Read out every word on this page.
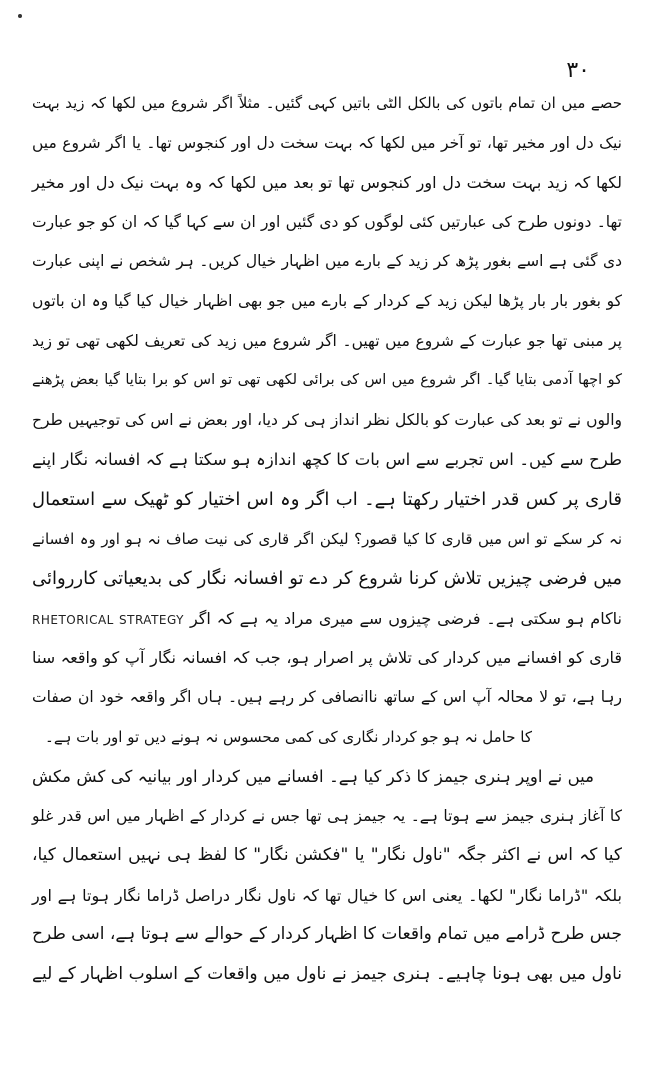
۳۰
حصے میں ان تمام باتوں کی بالکل الٹی باتیں کہی گئیں۔ مثلاً اگر شروع میں لکھا کہ زید بہت
نیک دل اور مخیر تھا، تو آخر میں لکھا کہ بہت سخت دل اور کنجوس تھا۔ یا اگر شروع میں
لکھا کہ زید بہت سخت دل اور کنجوس تھا تو بعد میں لکھا کہ وہ بہت نیک دل اور مخیر
تھا۔ دونوں طرح کی عبارتیں کئی لوگوں کو دی گئیں اور ان سے کہا گیا کہ ان کو جو عبارت
دی گئی ہے اسے بغور پڑھ کر زید کے بارے میں اظہار خیال کریں۔ ہر شخص نے اپنی عبارت
کو بغور بار بار پڑھا لیکن زید کے کردار کے بارے میں جو بھی اظہار خیال کیا گیا وہ ان باتوں
پر مبنی تھا جو عبارت کے شروع میں تھیں۔ اگر شروع میں زید کی تعریف لکھی تھی تو زید
کو اچھا آدمی بتایا گیا۔ اگر شروع میں اس کی برائی لکھی تھی تو اس کو برا بتایا گیا بعض پڑھنے
والوں نے تو بعد کی عبارت کو بالکل نظر انداز ہی کر دیا، اور بعض نے اس کی توجیہیں طرح
طرح سے کیں۔ اس تجربے سے اس بات کا کچھ اندازہ ہو سکتا ہے کہ افسانہ نگار اپنے
قاری پر کس قدر اختیار رکھتا ہے۔ اب اگر وہ اس اختیار کو ٹھیک سے استعمال
نہ کر سکے تو اس میں قاری کا کیا قصور؟ لیکن اگر قاری کی نیت صاف نہ ہو اور وہ افسانے
میں فرضی چیزیں تلاش کرنا شروع کر دے تو افسانہ نگار کی بدیعیاتی کارروائی
ناکام ہو سکتی ہے۔ فرضی چیزوں سے میری مراد یہ ہے کہ اگر RHETORICAL STRATEGY
قاری کو افسانے میں کردار کی تلاش پر اصرار ہو، جب کہ افسانہ نگار آپ کو واقعہ سنا
رہا ہے، تو لا محالہ آپ اس کے ساتھ ناانصافی کر رہے ہیں۔ ہاں اگر واقعہ خود ان صفات
کا حامل نہ ہو جو کردار نگاری کی کمی محسوس نہ ہونے دیں تو اور بات ہے۔
میں نے اوپر ہنری جیمز کا ذکر کیا ہے۔ افسانے میں کردار اور بیانیہ کی کش مکش
کا آغاز ہنری جیمز سے ہوتا ہے۔ یہ جیمز ہی تھا جس نے کردار کے اظہار میں اس قدر غلو
کیا کہ اس نے اکثر جگہ "ناول نگار" یا "فکشن نگار" کا لفظ ہی نہیں استعمال کیا،
بلکہ "ڈراما نگار" لکھا۔ یعنی اس کا خیال تھا کہ ناول نگار دراصل ڈراما نگار ہوتا ہے اور
جس طرح ڈرامے میں تمام واقعات کا اظہار کردار کے حوالے سے ہوتا ہے، اسی طرح
ناول میں بھی ہونا چاہیے۔ ہنری جیمز نے ناول میں واقعات کے اسلوب اظہار کے لیے
